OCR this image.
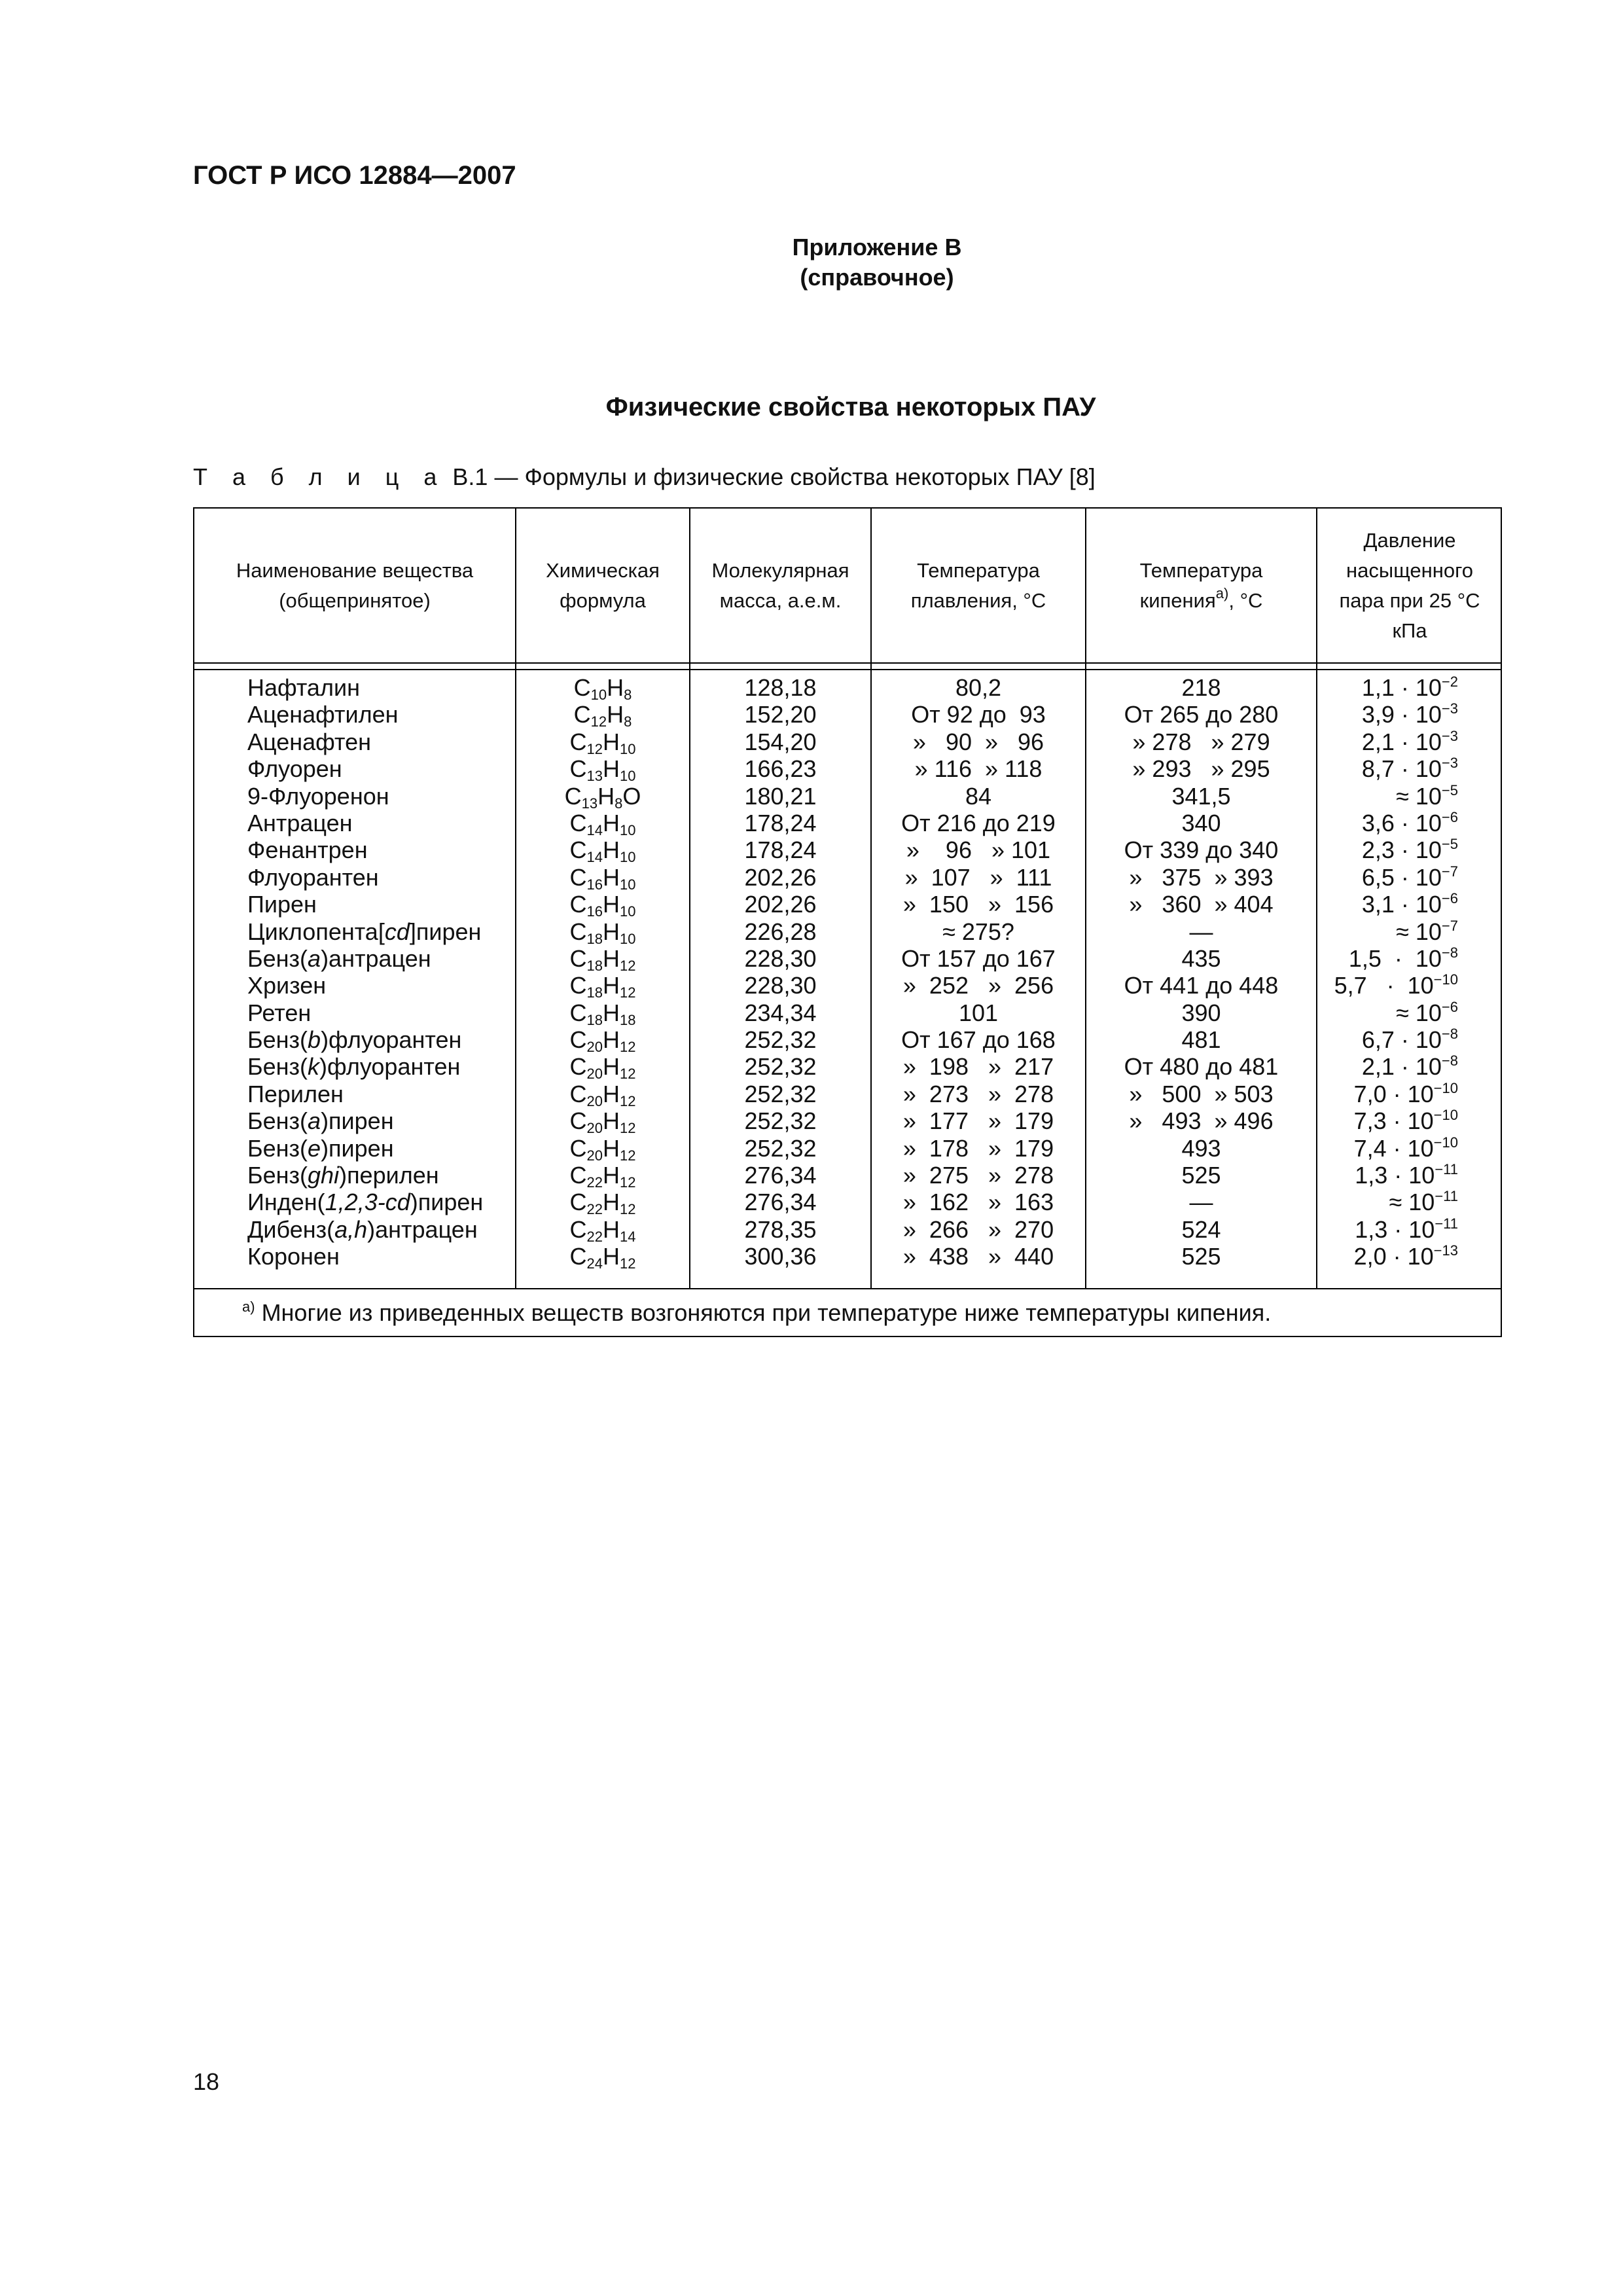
ГОСТ Р ИСО 12884—2007
Приложение В
(справочное)
Физические свойства некоторых ПАУ
Т а б л и ц а В.1 — Формулы и физические свойства некоторых ПАУ [8]
Наименование вещества (общепринятое)
Химическая формула
Молекулярная масса, а.е.м.
Температура плавления, °С
Температура кипения$^{а)}$, °С
Давление насыщенного пара при 25 °С кПа
Нафталин
Аценафтилен
Аценафтен
Флуорен
9-Флуоренон
Антрацен
Фенантрен
Флуорантен
Пирен
Циклопента[cd]пирен
Бенз(a)антрацен
Хризен
Ретен
Бенз(b)флуорантен
Бенз(k)флуорантен
Перилен
Бенз(a)пирен
Бенз(e)пирен
Бенз(ghi)перилен
Инден(1,2,3-cd)пирен
Дибенз(a,h)антрацен
Коронен
$C_{10}H_8$
$C_{12}H_8$
$C_{12}H_{10}$
$C_{13}H_{10}$
$C_{13}H_8O$
$C_{14}H_{10}$
$C_{14}H_{10}$
$C_{16}H_{10}$
$C_{16}H_{10}$
$C_{18}H_{10}$
$C_{18}H_{12}$
$C_{18}H_{12}$
$C_{18}H_{18}$
$C_{20}H_{12}$
$C_{20}H_{12}$
$C_{20}H_{12}$
$C_{20}H_{12}$
$C_{20}H_{12}$
$C_{22}H_{12}$
$C_{22}H_{12}$
$C_{22}H_{14}$
$C_{24}H_{12}$
128,18
152,20
154,20
166,23
180,21
178,24
178,24
202,26
202,26
226,28
228,30
228,30
234,34
252,32
252,32
252,32
252,32
252,32
276,34
276,34
278,35
300,36
80,2
От 92 до  93
»   90  »   96
» 116  » 118
84
От 216 до 219
»    96   » 101
»  107   »  111
»  150   »  156
≈ 275?
От 157 до 167
»  252   »  256
101
От 167 до 168
»  198   »  217
»  273   »  278
»  177   »  179
»  178   »  179
»  275   »  278
»  162   »  163
»  266   »  270
»  438   »  440
218
От 265 до 280
» 278   » 279
» 293   » 295
341,5
340
От 339 до 340
»   375  » 393
»   360  » 404
—
435
От 441 до 448
390
481
От 480 до 481
»   500  » 503
»   493  » 496
493
525
—
524
525
$1,1 \cdot 10^{-2}$
$3,9 \cdot 10^{-3}$
$2,1 \cdot 10^{-3}$
$8,7 \cdot 10^{-3}$
≈ $10^{-5}$
$3,6 \cdot 10^{-6}$
$2,3 \cdot 10^{-5}$
$6,5 \cdot 10^{-7}$
$3,1 \cdot 10^{-6}$
≈ $10^{-7}$
$1,5 \cdot 10^{-8}$
$5,7 \cdot 10^{-10}$
≈ $10^{-6}$
$6,7 \cdot 10^{-8}$
$2,1 \cdot 10^{-8}$
$7,0 \cdot 10^{-10}$
$7,3 \cdot 10^{-10}$
$7,4 \cdot 10^{-10}$
$1,3 \cdot 10^{-11}$
≈ $10^{-11}$
$1,3 \cdot 10^{-11}$
$2,0 \cdot 10^{-13}$
$^{а)}$ Многие из приведенных веществ возгоняются при температуре ниже температуры кипения.
18
